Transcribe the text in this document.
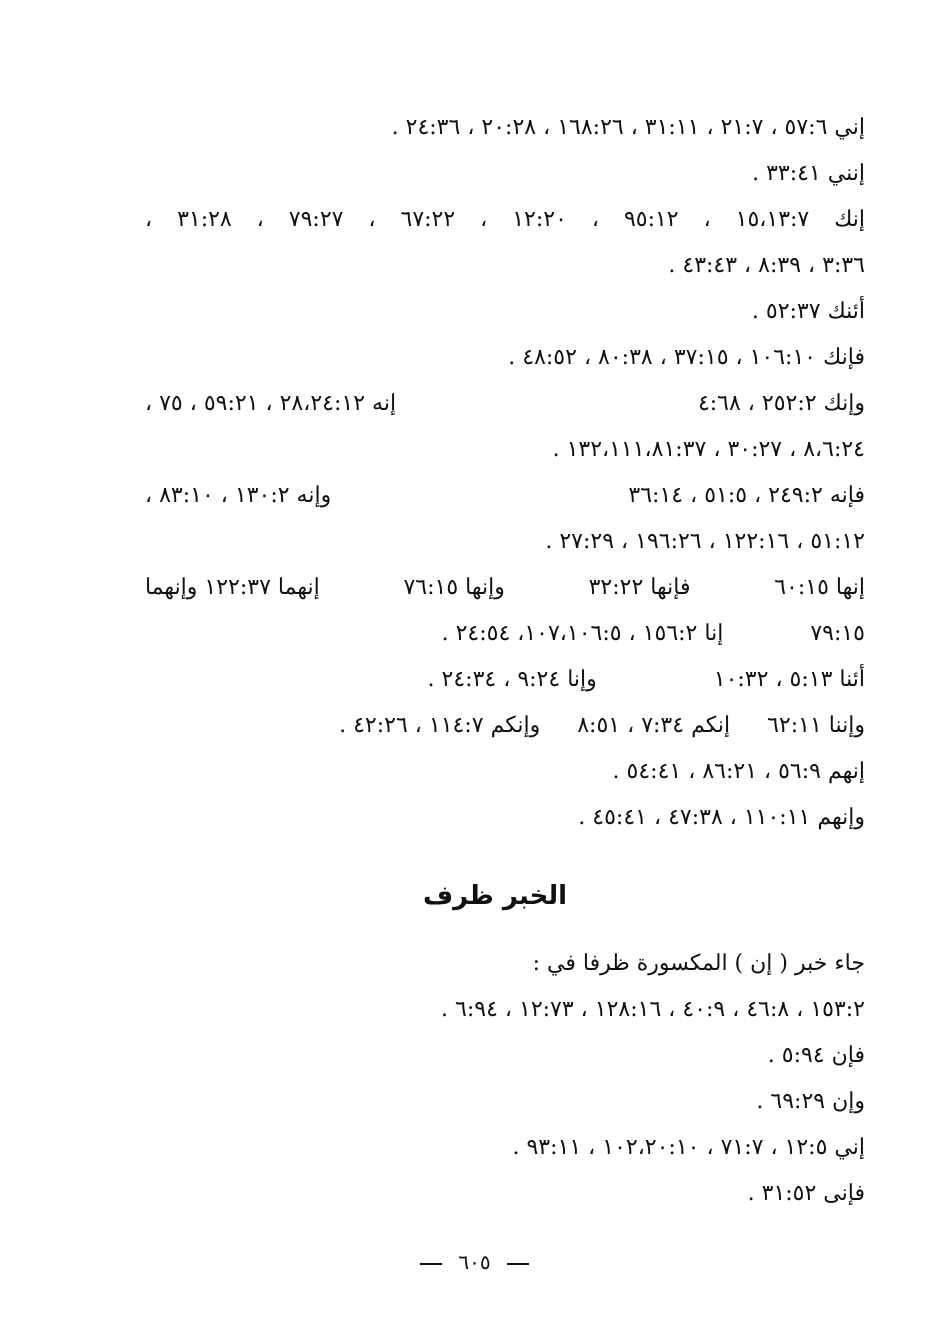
إني ٥٧:٦ ، ٢١:٧ ، ٣١:١١ ، ١٦٨:٢٦ ، ٢٠:٢٨ ، ٢٤:٣٦ .

إنني ٣٣:٤١ .

إنك ١٥،١٣:٧ ، ٩٥:١٢ ، ١٢:٢٠ ، ٦٧:٢٢ ، ٧٩:٢٧ ، ٣١:٢٨ ،

٣:٣٦ ، ٨:٣٩ ، ٤٣:٤٣ .

أئنك ٥٢:٣٧ .

فإنك ١٠٦:١٠ ، ٣٧:١٥ ، ٨٠:٣٨ ، ٤٨:٥٢ .

وإنك ٢٥٢:٢ ، ٤:٦٨
إنه ٢٨،٢٤:١٢ ، ٥٩:٢١ ، ٧٥ ،

٨،٦:٢٤ ، ٣٠:٢٧ ، ١٣٢،١١١،٨١:٣٧ .

فإنه ٢٤٩:٢ ، ٥١:٥ ، ٣٦:١٤
وإنه ١٣٠:٢ ، ٨٣:١٠ ،

٥١:١٢ ، ١٢٢:١٦ ، ١٩٦:٢٦ ، ٢٧:٢٩ .

إنها ٦٠:١٥
فإنها ٣٢:٢٢
وإنها ٧٦:١٥
إنهما ١٢٢:٣٧ وإنهما

٧٩:١٥ إنا ١٥٦:٢ ، ١٠٧،١٠٦:٥، ٢٤:٥٤ .

أئنا ٥:١٣ ، ١٠:٣٢ وإنا ٩:٢٤ ، ٢٤:٣٤ .

وإننا ٦٢:١١ إنكم ٧:٣٤ ، ٨:٥١ وإنكم ١١٤:٧ ، ٤٢:٢٦ .

إنهم ٥٦:٩ ، ٨٦:٢١ ، ٥٤:٤١ .

وإنهم ١١٠:١١ ، ٤٧:٣٨ ، ٤٥:٤١ .

الخبر ظرف

جاء خبر ( إن ) المكسورة ظرفا في :

١٥٣:٢ ، ٤٦:٨ ، ٤٠:٩ ، ١٢٨:١٦ ، ١٢:٧٣ ، ٦:٩٤ .

فإن ٥:٩٤ .

وإن ٦٩:٢٩ .

إني ١٢:٥ ، ٧١:٧ ، ١٠٢،٢٠:١٠ ، ٩٣:١١ .

فإنى ٣١:٥٢ .

٦٠٥
